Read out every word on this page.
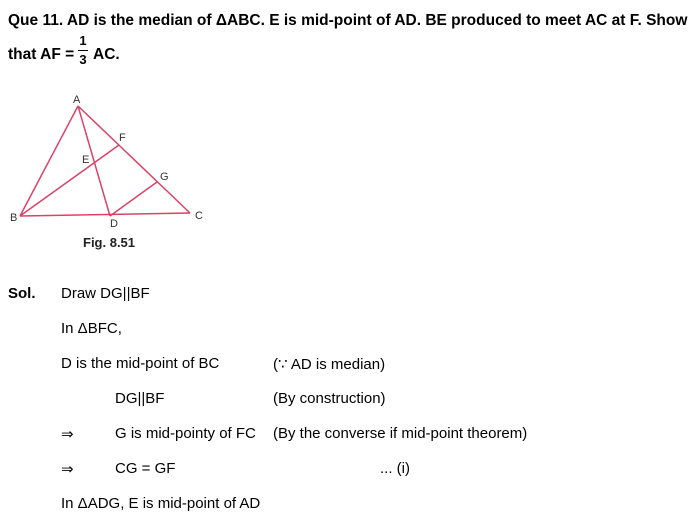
Que 11. AD is the median of ΔABC. E is mid-point of AD. BE produced to meet AC at F. Show
that AF =
1
3 AC.
A
B	C
D
E
F
G
Fig. 8.51
Sol. Draw DG||BF
In ΔBFC,
D is the mid-point of BC	(∵ AD is median)
DG||BF	(By construction)
⇒	G is mid-pointy of FC (By the converse if mid-point theorem)
⇒	CG = GF	... (i)
In ΔADG, E is mid-point of AD
